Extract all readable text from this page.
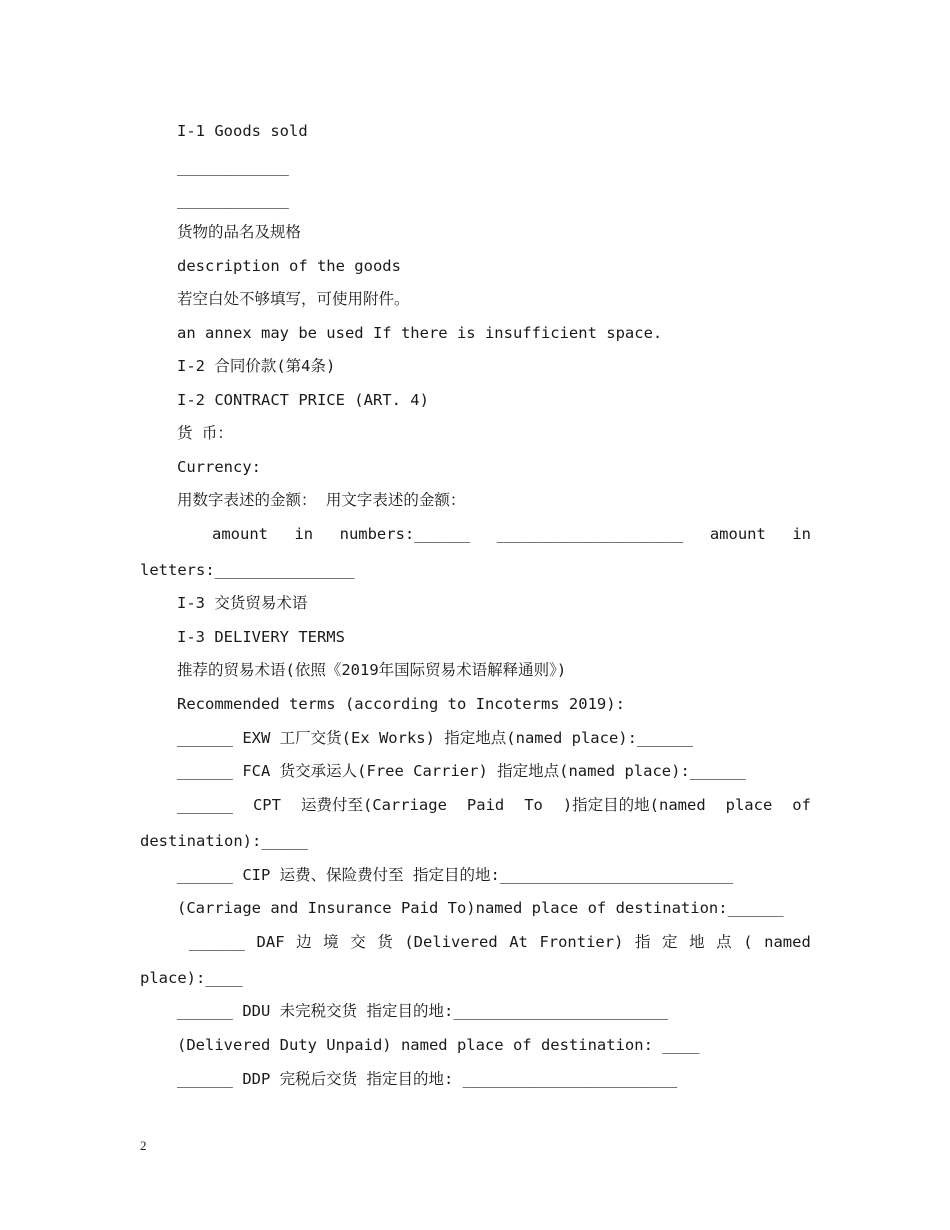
I-1 Goods sold
____________
____________
货物的品名及规格
description of the goods
若空白处不够填写，可使用附件。
an annex may be used If there is insufficient space.
I-2 合同价款(第4条)
I-2 CONTRACT PRICE (ART. 4)
货 币：
Currency:
用数字表述的金额： 用文字表述的金额：
amount in numbers:______ ____________________ amount in
letters:_______________
I-3 交货贸易术语
I-3 DELIVERY TERMS
推荐的贸易术语(依照《2019年国际贸易术语解释通则》)
Recommended terms (according to Incoterms 2019):
______ EXW 工厂交货(Ex Works) 指定地点(named place):______
______ FCA 货交承运人(Free Carrier) 指定地点(named place):______
______ CPT 运费付至(Carriage Paid To )指定目的地(named place of
destination):_____
______ CIP 运费、保险费付至 指定目的地:_________________________
(Carriage and Insurance Paid To)named place of destination:______
______ DAF 边 境 交 货 (Delivered At Frontier) 指 定 地 点 ( named
place):____
______ DDU 未完税交货 指定目的地:_______________________
(Delivered Duty Unpaid) named place of destination: ____
______ DDP 完税后交货 指定目的地: _______________________
2
